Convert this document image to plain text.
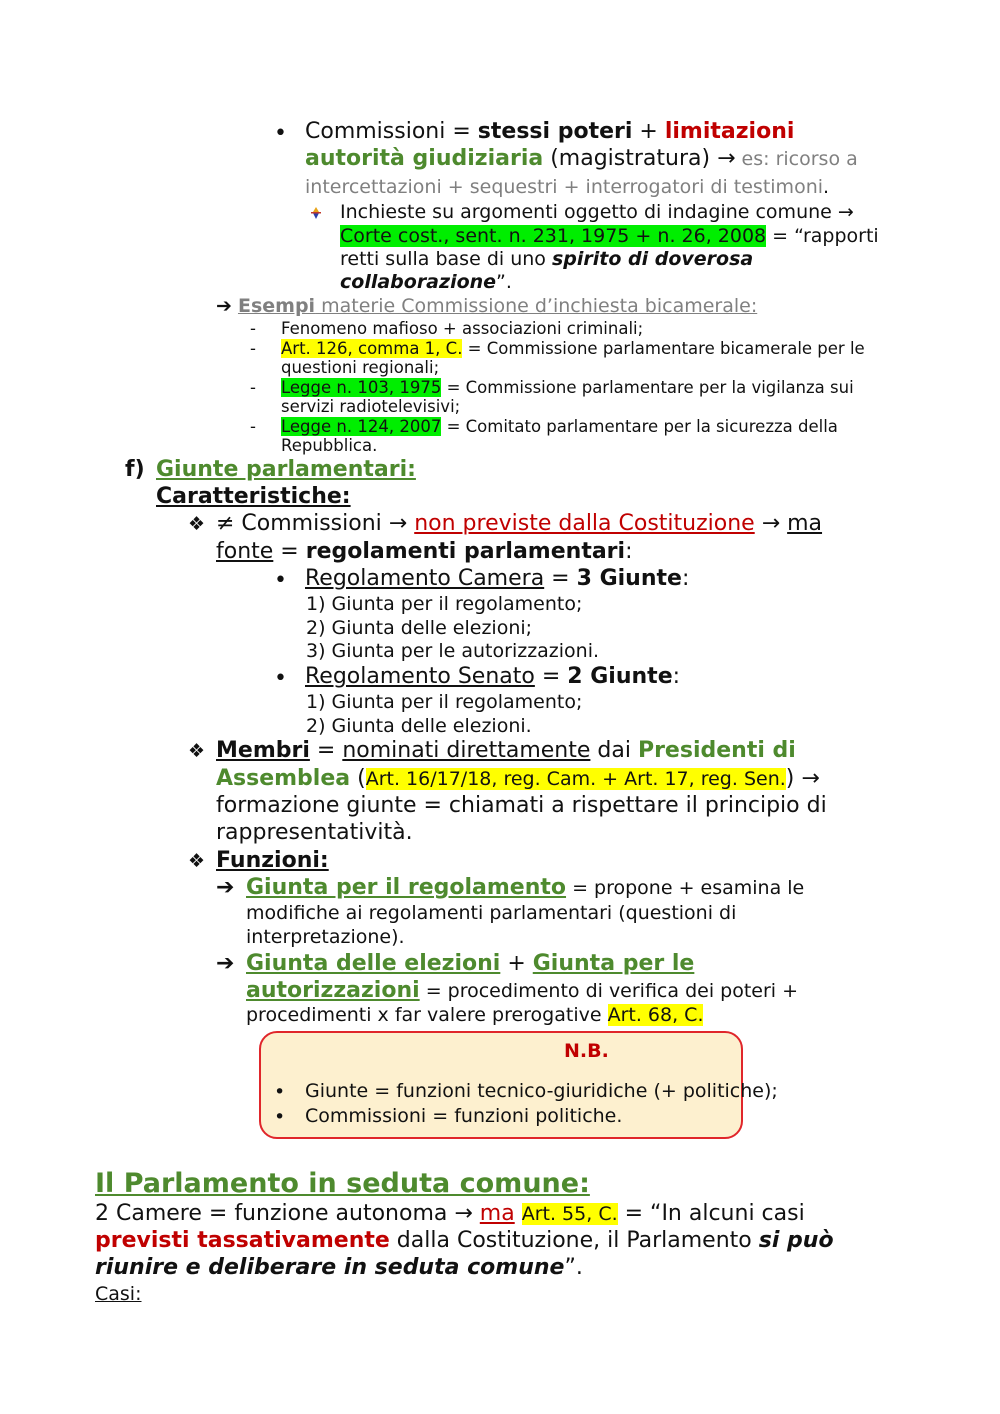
• Commissioni = stessi poteri + limitazioni
autorità giudiziaria (magistratura) → es: ricorso a
intercettazioni + sequestri + interrogatori di testimoni.
Inchieste su argomenti oggetto di indagine comune →
Corte cost., sent. n. 231, 1975 + n. 26, 2008 = “rapporti
retti sulla base di uno spirito di doverosa
collaborazione”.
➔ Esempi materie Commissione d’inchiesta bicamerale:
- Fenomeno mafioso + associazioni criminali;
- Art. 126, comma 1, C. = Commissione parlamentare bicamerale per le
questioni regionali;
- Legge n. 103, 1975 = Commissione parlamentare per la vigilanza sui
servizi radiotelevisivi;
- Legge n. 124, 2007 = Comitato parlamentare per la sicurezza della
Repubblica.
f) Giunte parlamentari:
Caratteristiche:
❖ ≠ Commissioni → non previste dalla Costituzione → ma
fonte = regolamenti parlamentari:
• Regolamento Camera = 3 Giunte:
1) Giunta per il regolamento;
2) Giunta delle elezioni;
3) Giunta per le autorizzazioni.
• Regolamento Senato = 2 Giunte:
1) Giunta per il regolamento;
2) Giunta delle elezioni.
❖ Membri = nominati direttamente dai Presidenti di
Assemblea (Art. 16/17/18, reg. Cam. + Art. 17, reg. Sen.) →
formazione giunte = chiamati a rispettare il principio di
rappresentatività.
❖ Funzioni:
➔ Giunta per il regolamento = propone + esamina le
modifiche ai regolamenti parlamentari (questioni di
interpretazione).
➔ Giunta delle elezioni + Giunta per le
autorizzazioni = procedimento di verifica dei poteri +
procedimenti x far valere prerogative Art. 68, C.
N.B.
• Giunte = funzioni tecnico-giuridiche (+ politiche);
• Commissioni = funzioni politiche.
Il Parlamento in seduta comune:
2 Camere = funzione autonoma → ma Art. 55, C. = “In alcuni casi
previsti tassativamente dalla Costituzione, il Parlamento si può
riunire e deliberare in seduta comune”.
Casi:
